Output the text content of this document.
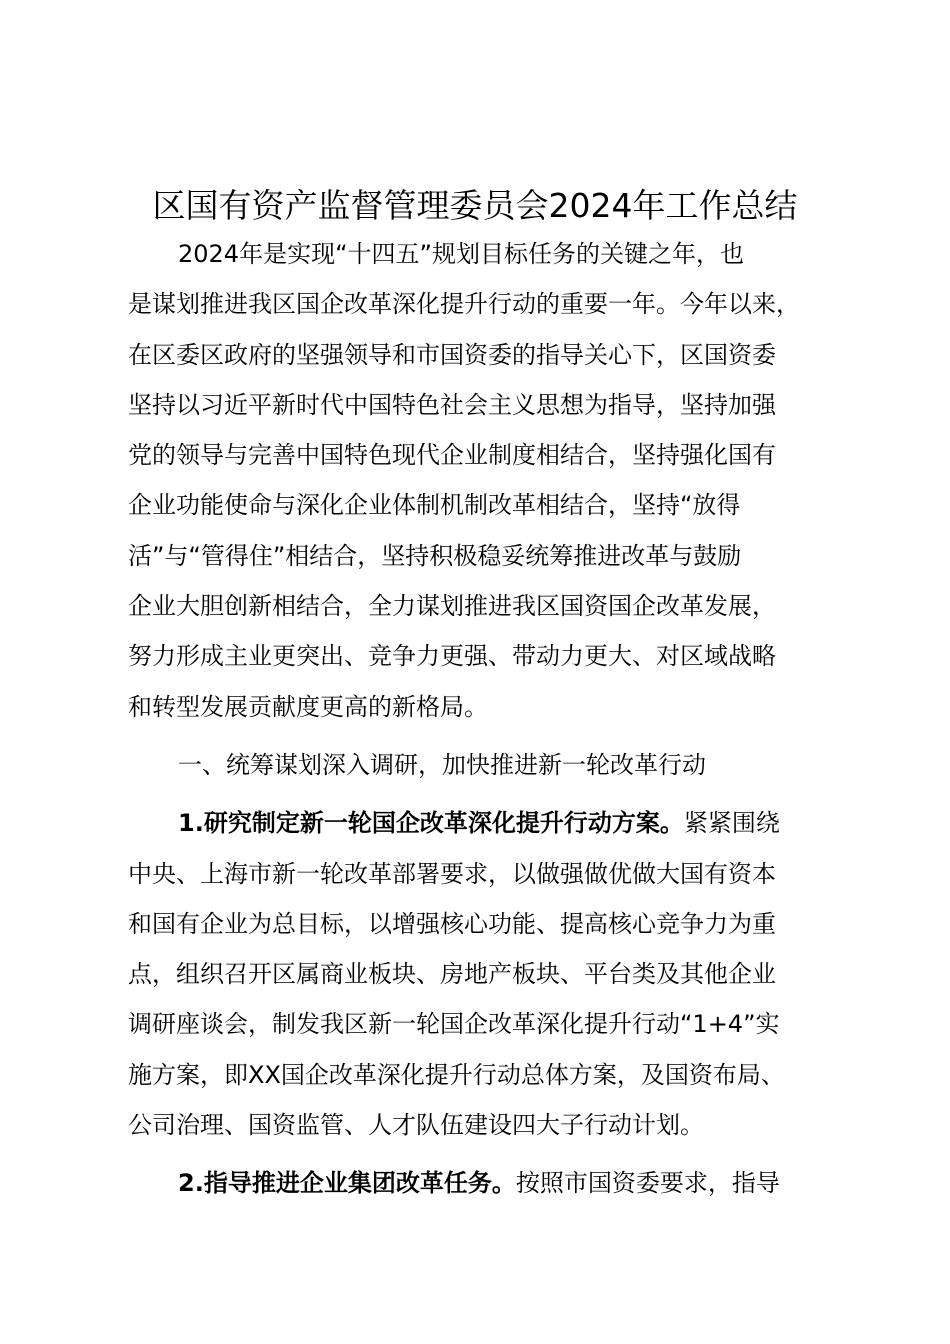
区国有资产监督管理委员会2024年工作总结
2024年是实现“十四五”规划目标任务的关键之年，也
是谋划推进我区国企改革深化提升行动的重要一年。今年以来，
在区委区政府的坚强领导和市国资委的指导关心下，区国资委
坚持以习近平新时代中国特色社会主义思想为指导，坚持加强
党的领导与完善中国特色现代企业制度相结合，坚持强化国有
企业功能使命与深化企业体制机制改革相结合，坚持“放得
活”与“管得住”相结合，坚持积极稳妥统筹推进改革与鼓励
企业大胆创新相结合，全力谋划推进我区国资国企改革发展，
努力形成主业更突出、竞争力更强、带动力更大、对区域战略
和转型发展贡献度更高的新格局。
一、统筹谋划深入调研，加快推进新一轮改革行动
1.研究制定新一轮国企改革深化提升行动方案。紧紧围绕
中央、上海市新一轮改革部署要求，以做强做优做大国有资本
和国有企业为总目标，以增强核心功能、提高核心竞争力为重
点，组织召开区属商业板块、房地产板块、平台类及其他企业
调研座谈会，制发我区新一轮国企改革深化提升行动“1+4”实
施方案，即XX国企改革深化提升行动总体方案，及国资布局、
公司治理、国资监管、人才队伍建设四大子行动计划。
2.指导推进企业集团改革任务。按照市国资委要求，指导
